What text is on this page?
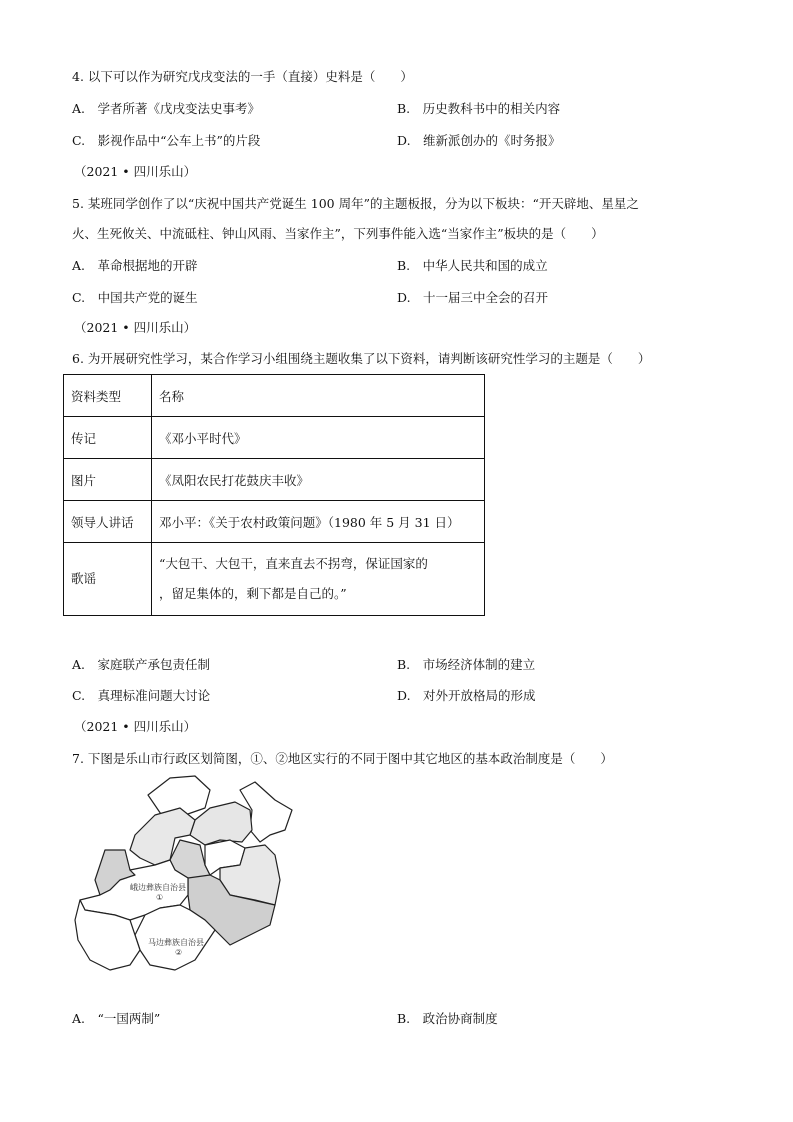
4. 以下可以作为研究戊戌变法的一手（直接）史料是（　　）
A.　学者所著《戊戌变法史事考》	B.　历史教科书中的相关内容
C.　影视作品中“公车上书”的片段	D.　维新派创办的《时务报》
（2021 • 四川乐山）
5. 某班同学创作了以“庆祝中国共产党诞生 100 周年”的主题板报，分为以下板块：“开天辟地、星星之
火、生死攸关、中流砥柱、钟山风雨、当家作主”，下列事件能入选“当家作主”板块的是（　　）
A.　革命根据地的开辟	B.　中华人民共和国的成立
C.　中国共产党的诞生	D.　十一届三中全会的召开
（2021 • 四川乐山）
6. 为开展研究性学习，某合作学习小组围绕主题收集了以下资料，请判断该研究性学习的主题是（　　）
资料类型	名称
传记	《邓小平时代》
图片	《凤阳农民打花鼓庆丰收》
领导人讲话	邓小平：《关于农村政策问题》（1980 年 5 月 31 日）
歌谣	“大包干、大包干，直来直去不拐弯，保证国家的
，留足集体的，剩下都是自己的。”
A.　家庭联产承包责任制	B.　市场经济体制的建立
C.　真理标准问题大讨论	D.　对外开放格局的形成
（2021 • 四川乐山）
7. 下图是乐山市行政区划简图，①、②地区实行的不同于图中其它地区的基本政治制度是（　　）
峨边彝族自治县
①
马边彝族自治县
②
A.　“一国两制”	B.　政治协商制度
